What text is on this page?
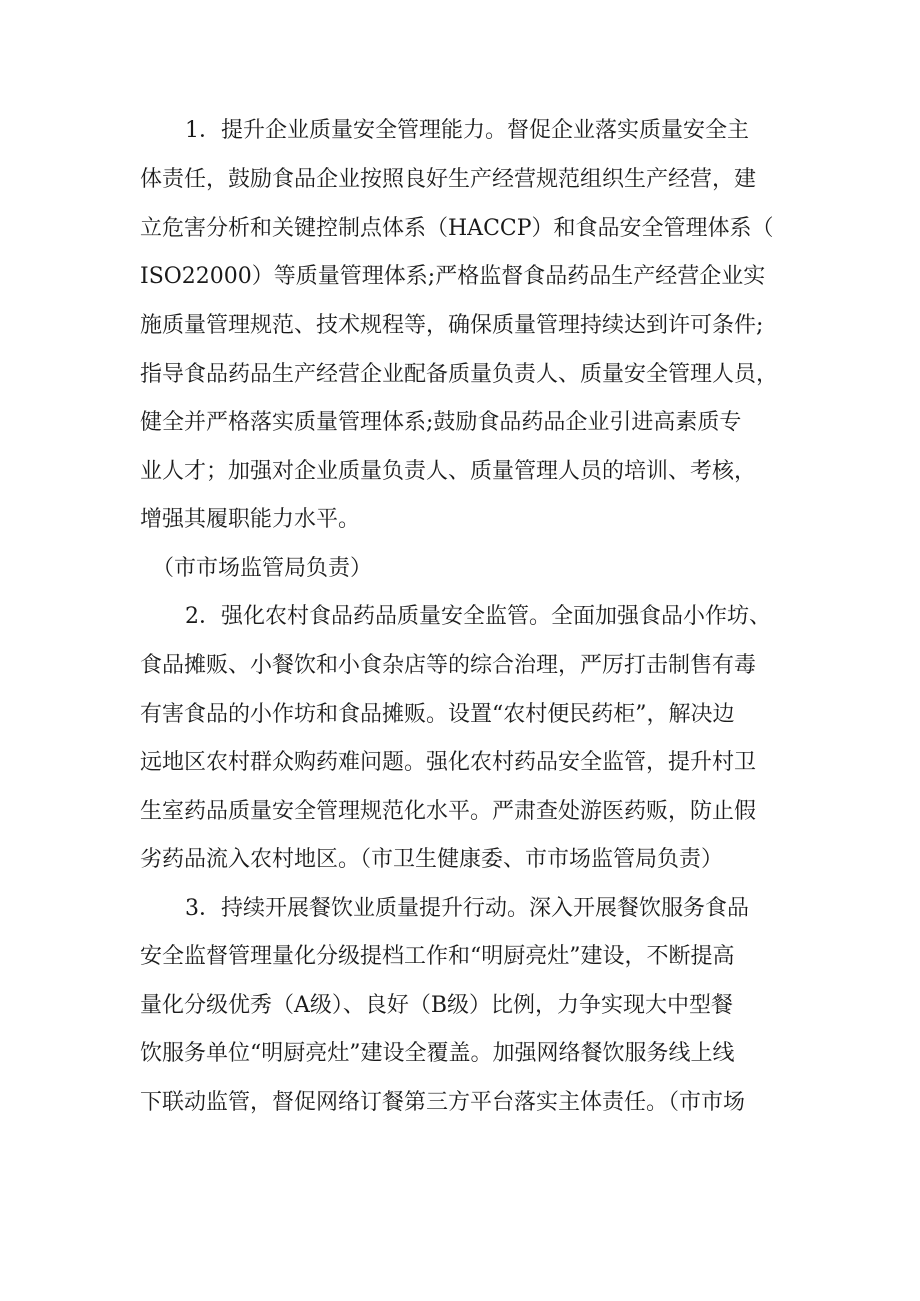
1．提升企业质量安全管理能力。督促企业落实质量安全主

体责任，鼓励食品企业按照良好生产经营规范组织生产经营，建

立危害分析和关键控制点体系（HACCP）和食品安全管理体系（

ISO22000）等质量管理体系;严格监督食品药品生产经营企业实

施质量管理规范、技术规程等，确保质量管理持续达到许可条件;

指导食品药品生产经营企业配备质量负责人、质量安全管理人员，

健全并严格落实质量管理体系;鼓励食品药品企业引进高素质专

业人才；加强对企业质量负责人、质量管理人员的培训、考核，

增强其履职能力水平。

（市市场监管局负责）

2．强化农村食品药品质量安全监管。全面加强食品小作坊、

食品摊贩、小餐饮和小食杂店等的综合治理，严厉打击制售有毒

有害食品的小作坊和食品摊贩。设置“农村便民药柜”，解决边

远地区农村群众购药难问题。强化农村药品安全监管，提升村卫

生室药品质量安全管理规范化水平。严肃查处游医药贩，防止假

劣药品流入农村地区。（市卫生健康委、市市场监管局负责）

3．持续开展餐饮业质量提升行动。深入开展餐饮服务食品

安全监督管理量化分级提档工作和“明厨亮灶”建设，不断提高

量化分级优秀（A级）、良好（B级）比例，力争实现大中型餐

饮服务单位“明厨亮灶”建设全覆盖。加强网络餐饮服务线上线

下联动监管，督促网络订餐第三方平台落实主体责任。（市市场
